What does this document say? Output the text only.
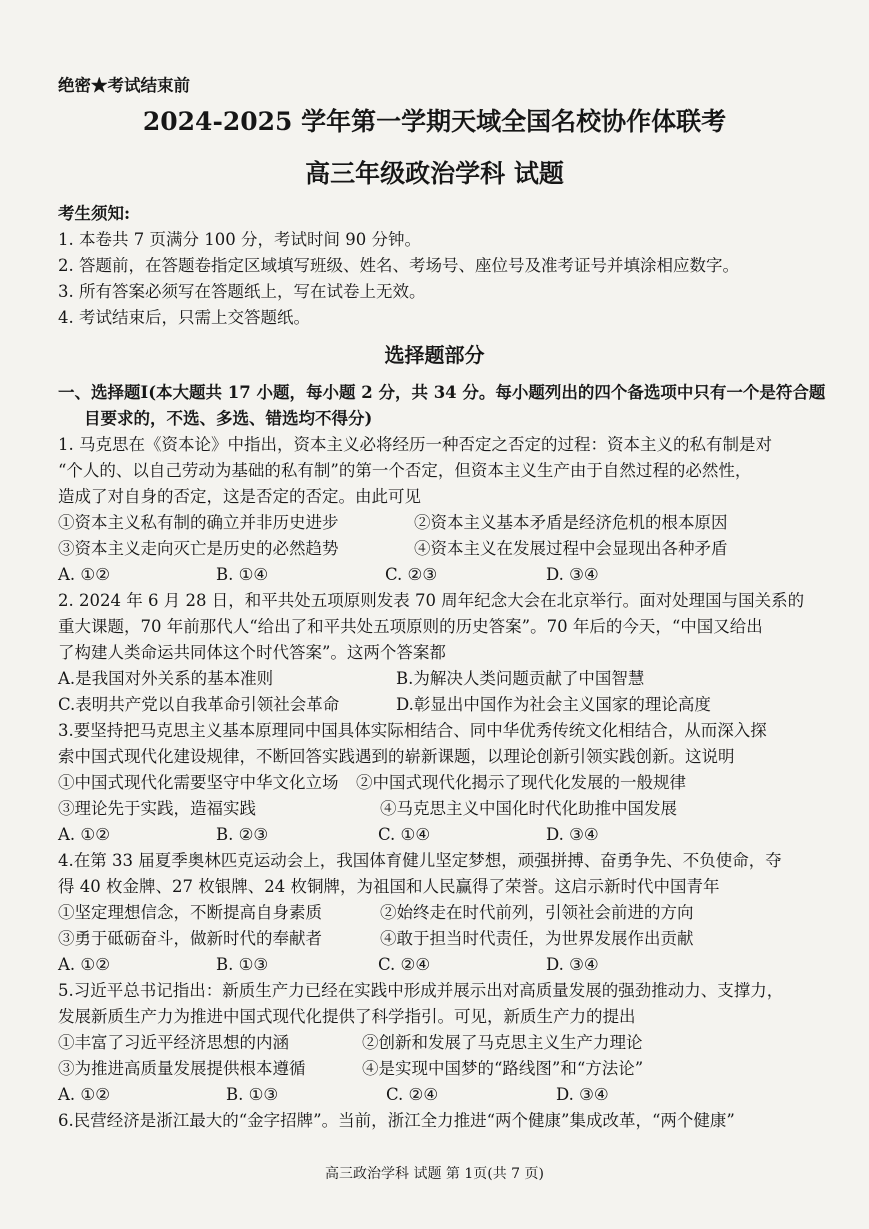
绝密★考试结束前
2024-2025 学年第一学期天域全国名校协作体联考
高三年级政治学科 试题
考生须知:
1. 本卷共 7 页满分 100 分，考试时间 90 分钟。
2. 答题前，在答题卷指定区域填写班级、姓名、考场号、座位号及准考证号并填涂相应数字。
3. 所有答案必须写在答题纸上，写在试卷上无效。
4. 考试结束后，只需上交答题纸。
选择题部分
一、选择题Ⅰ(本大题共 17 小题，每小题 2 分，共 34 分。每小题列出的四个备选项中只有一个是符合题
目要求的，不选、多选、错选均不得分)
1. 马克思在《资本论》中指出，资本主义必将经历一种否定之否定的过程：资本主义的私有制是对
“个人的、以自己劳动为基础的私有制”的第一个否定，但资本主义生产由于自然过程的必然性，
造成了对自身的否定，这是否定的否定。由此可见
①资本主义私有制的确立并非历史进步	②资本主义基本矛盾是经济危机的根本原因
③资本主义走向灭亡是历史的必然趋势	④资本主义在发展过程中会显现出各种矛盾
A. ①②	B. ①④	C. ②③	D. ③④
2. 2024 年 6 月 28 日，和平共处五项原则发表 70 周年纪念大会在北京举行。面对处理国与国关系的
重大课题，70 年前那代人“给出了和平共处五项原则的历史答案”。70 年后的今天，“中国又给出
了构建人类命运共同体这个时代答案”。这两个答案都
A.是我国对外关系的基本准则	B.为解决人类问题贡献了中国智慧
C.表明共产党以自我革命引领社会革命	D.彰显出中国作为社会主义国家的理论高度
3.要坚持把马克思主义基本原理同中国具体实际相结合、同中华优秀传统文化相结合，从而深入探
索中国式现代化建设规律，不断回答实践遇到的崭新课题，以理论创新引领实践创新。这说明
①中国式现代化需要坚守中华文化立场 ②中国式现代化揭示了现代化发展的一般规律
③理论先于实践，造福实践	④马克思主义中国化时代化助推中国发展
A. ①②	B. ②③	C. ①④	D. ③④
4.在第 33 届夏季奥林匹克运动会上，我国体育健儿坚定梦想，顽强拼搏、奋勇争先、不负使命，夺
得 40 枚金牌、27 枚银牌、24 枚铜牌，为祖国和人民赢得了荣誉。这启示新时代中国青年
①坚定理想信念，不断提高自身素质	②始终走在时代前列，引领社会前进的方向
③勇于砥砺奋斗，做新时代的奉献者	④敢于担当时代责任，为世界发展作出贡献
A. ①②	B. ①③	C. ②④	D. ③④
5.习近平总书记指出：新质生产力已经在实践中形成并展示出对高质量发展的强劲推动力、支撑力，
发展新质生产力为推进中国式现代化提供了科学指引。可见，新质生产力的提出
①丰富了习近平经济思想的内涵	②创新和发展了马克思主义生产力理论
③为推进高质量发展提供根本遵循	④是实现中国梦的“路线图”和“方法论”
A. ①②	B. ①③	C. ②④	D. ③④
6.民营经济是浙江最大的“金字招牌”。当前，浙江全力推进“两个健康”集成改革，“两个健康”
高三政治学科 试题 第 1页(共 7 页)
